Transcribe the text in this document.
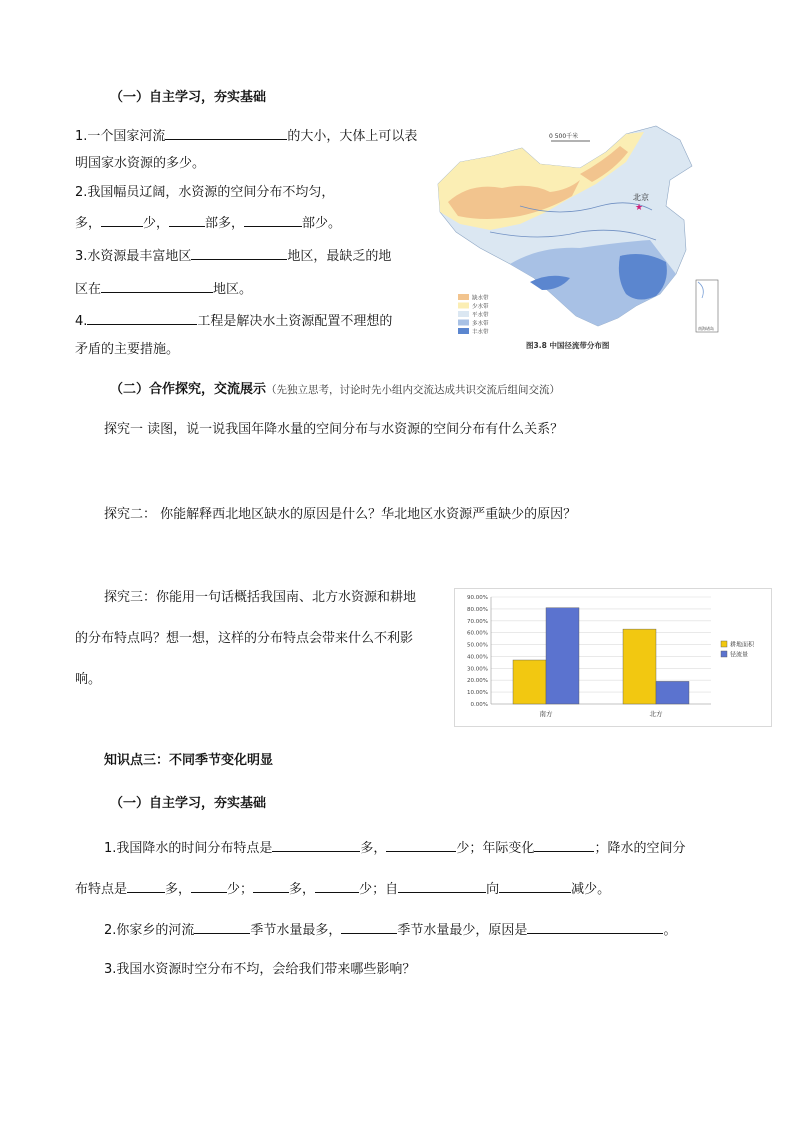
（一）自主学习，夯实基础
1.一个国家河流	的大小，大体上可以表
明国家水资源的多少。
2.我国幅员辽阔，水资源的空间分布不均匀，
多，	少，	部多，	部少。
3.水资源最丰富地区	地区，最缺乏的地
区在	地区。
4.	工程是解决水土资源配置不理想的
矛盾的主要措施。
0 500千米
北京
★
南海诸岛
缺水带
少水带
平水带
多水带
丰水带
图3.8 中国径流带分布图
（二）合作探究，交流展示（先独立思考，讨论时先小组内交流达成共识交流后组间交流）
探究一 读图，说一说我国年降水量的空间分布与水资源的空间分布有什么关系？
探究二： 你能解释西北地区缺水的原因是什么？华北地区水资源严重缺少的原因？
探究三：你能用一句话概括我国南、北方水资源和耕地
的分布特点吗？想一想，这样的分布特点会带来什么不利影
响。
0.00%
10.00%
20.00%
30.00%
40.00%
50.00%
60.00%
70.00%
80.00%
90.00%
南方	北方
耕地面积
径流量
知识点三：不同季节变化明显
（一）自主学习，夯实基础
1.我国降水的时间分布特点是	多，	少；年际变化	；降水的空间分
布特点是	多，	少；	多，	少；自	向	减少。
2.你家乡的河流	季节水量最多，	季节水量最少，原因是	。
3.我国水资源时空分布不均，会给我们带来哪些影响？
